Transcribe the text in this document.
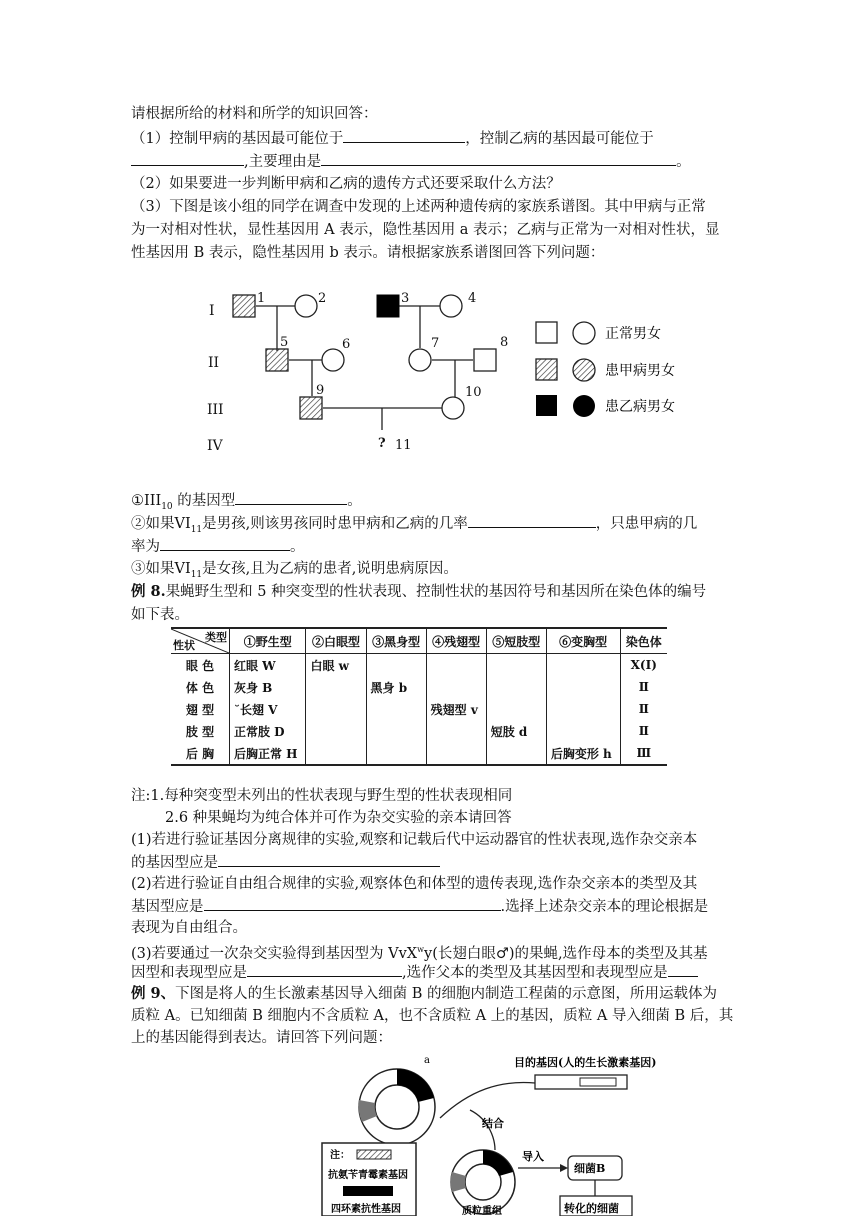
请根据所给的材料和所学的知识回答：
（1）控制甲病的基因最可能位于	，控制乙病的基因最可能位于
,主要理由是	。
（2）如果要进一步判断甲病和乙病的遗传方式还要采取什么方法？
（3）下图是该小组的同学在调查中发现的上述两种遗传病的家族系谱图。其中甲病与正常
为一对相对性状，显性基因用 A 表示，隐性基因用 a 表示；乙病与正常为一对相对性状，显
性基因用 B 表示，隐性基因用 b 表示。请根据家族系谱图回答下列问题：
I
II
III
IV
1	2	3	4
5	6	7	8
9	10
? 11
正常男女
患甲病男女
患乙病男女
$①III_{10}$ 的基因型	。
②如果$VI_{11}$是男孩,则该男孩同时患甲病和乙病的几率	，只患甲病的几
率为	。
③如果$VI_{11}$是女孩,且为乙病的患者,说明患病原因。
例 8.果蝇野生型和 5 种突变型的性状表现、控制性状的基因符号和基因所在染色体的编号
如下表。
类型
性状	①野生型	②白眼型	③黑身型	④残翅型	⑤短肢型	⑥变胸型	染色体
眼 色	红眼 W	白眼 w					X(Ⅰ)
体 色	灰身 B		黑身 b				Ⅱ
翅 型	˘长翅 V			残翅型 v			Ⅱ
肢 型	正常肢 D				短肢 d		Ⅱ
后 胸	后胸正常 H					后胸变形 h	Ⅲ
注:1.每种突变型未列出的性状表现与野生型的性状表现相同
2.6 种果蝇均为纯合体并可作为杂交实验的亲本请回答
(1)若进行验证基因分离规律的实验,观察和记载后代中运动器官的性状表现,选作杂交亲本
的基因型应是
(2)若进行验证自由组合规律的实验,观察体色和体型的遗传表现,选作杂交亲本的类型及其
基因型应是	.选择上述杂交亲本的理论根据是
表现为自由组合。
(3)若要通过一次杂交实验得到基因型为 VvX$^w$y(长翅白眼♂)的果蝇,选作母本的类型及其基
因型和表现型应是	,选作父本的类型及其基因型和表现型应是
例 9、下图是将人的生长激素基因导入细菌 B 的细胞内制造工程菌的示意图，所用运载体为
质粒 A。已知细菌 B 细胞内不含质粒 A，也不含质粒 A 上的基因，质粒 A 导入细菌 B 后，其
上的基因能得到表达。请回答下列问题：
a	目的基因(人的生长激素基因)
结合
质粒重组
导入
细菌B
转化的细菌
注：
抗氨苄青霉素基因
四环素抗性基因
